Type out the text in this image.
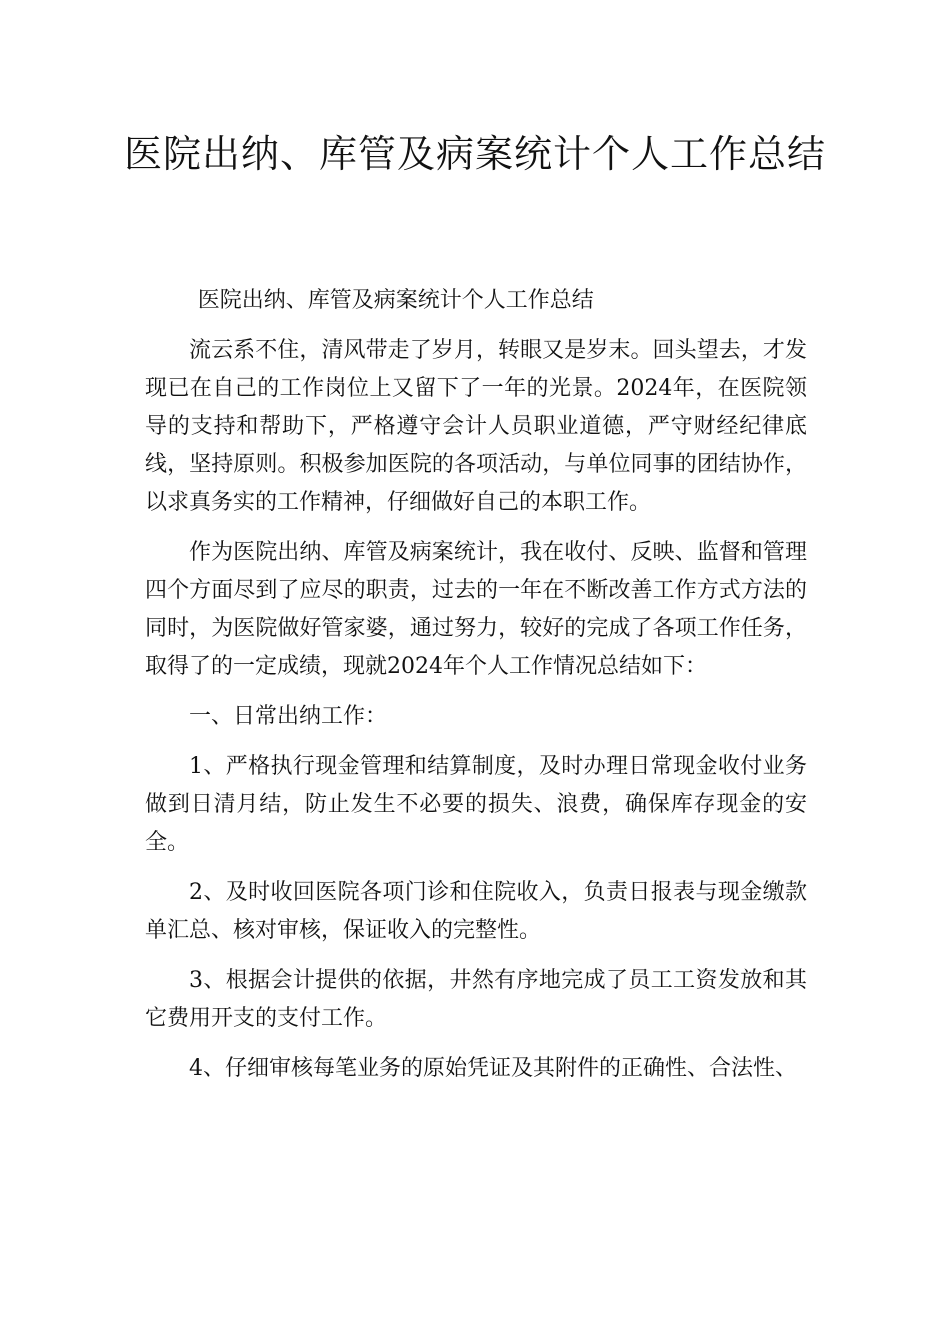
医院出纳、库管及病案统计个人工作总结

医院出纳、库管及病案统计个人工作总结

流云系不住，清风带走了岁月，转眼又是岁末。回头望去，才发现已在自己的工作岗位上又留下了一年的光景。2024年，在医院领导的支持和帮助下，严格遵守会计人员职业道德，严守财经纪律底线，坚持原则。积极参加医院的各项活动，与单位同事的团结协作，以求真务实的工作精神，仔细做好自己的本职工作。

作为医院出纳、库管及病案统计，我在收付、反映、监督和管理四个方面尽到了应尽的职责，过去的一年在不断改善工作方式方法的同时，为医院做好管家婆，通过努力，较好的完成了各项工作任务，取得了的一定成绩，现就2024年个人工作情况总结如下：

一、日常出纳工作：

1、严格执行现金管理和结算制度，及时办理日常现金收付业务做到日清月结，防止发生不必要的损失、浪费，确保库存现金的安全。

2、及时收回医院各项门诊和住院收入，负责日报表与现金缴款单汇总、核对审核，保证收入的完整性。

3、根据会计提供的依据，井然有序地完成了员工工资发放和其它费用开支的支付工作。

4、仔细审核每笔业务的原始凭证及其附件的正确性、合法性、
